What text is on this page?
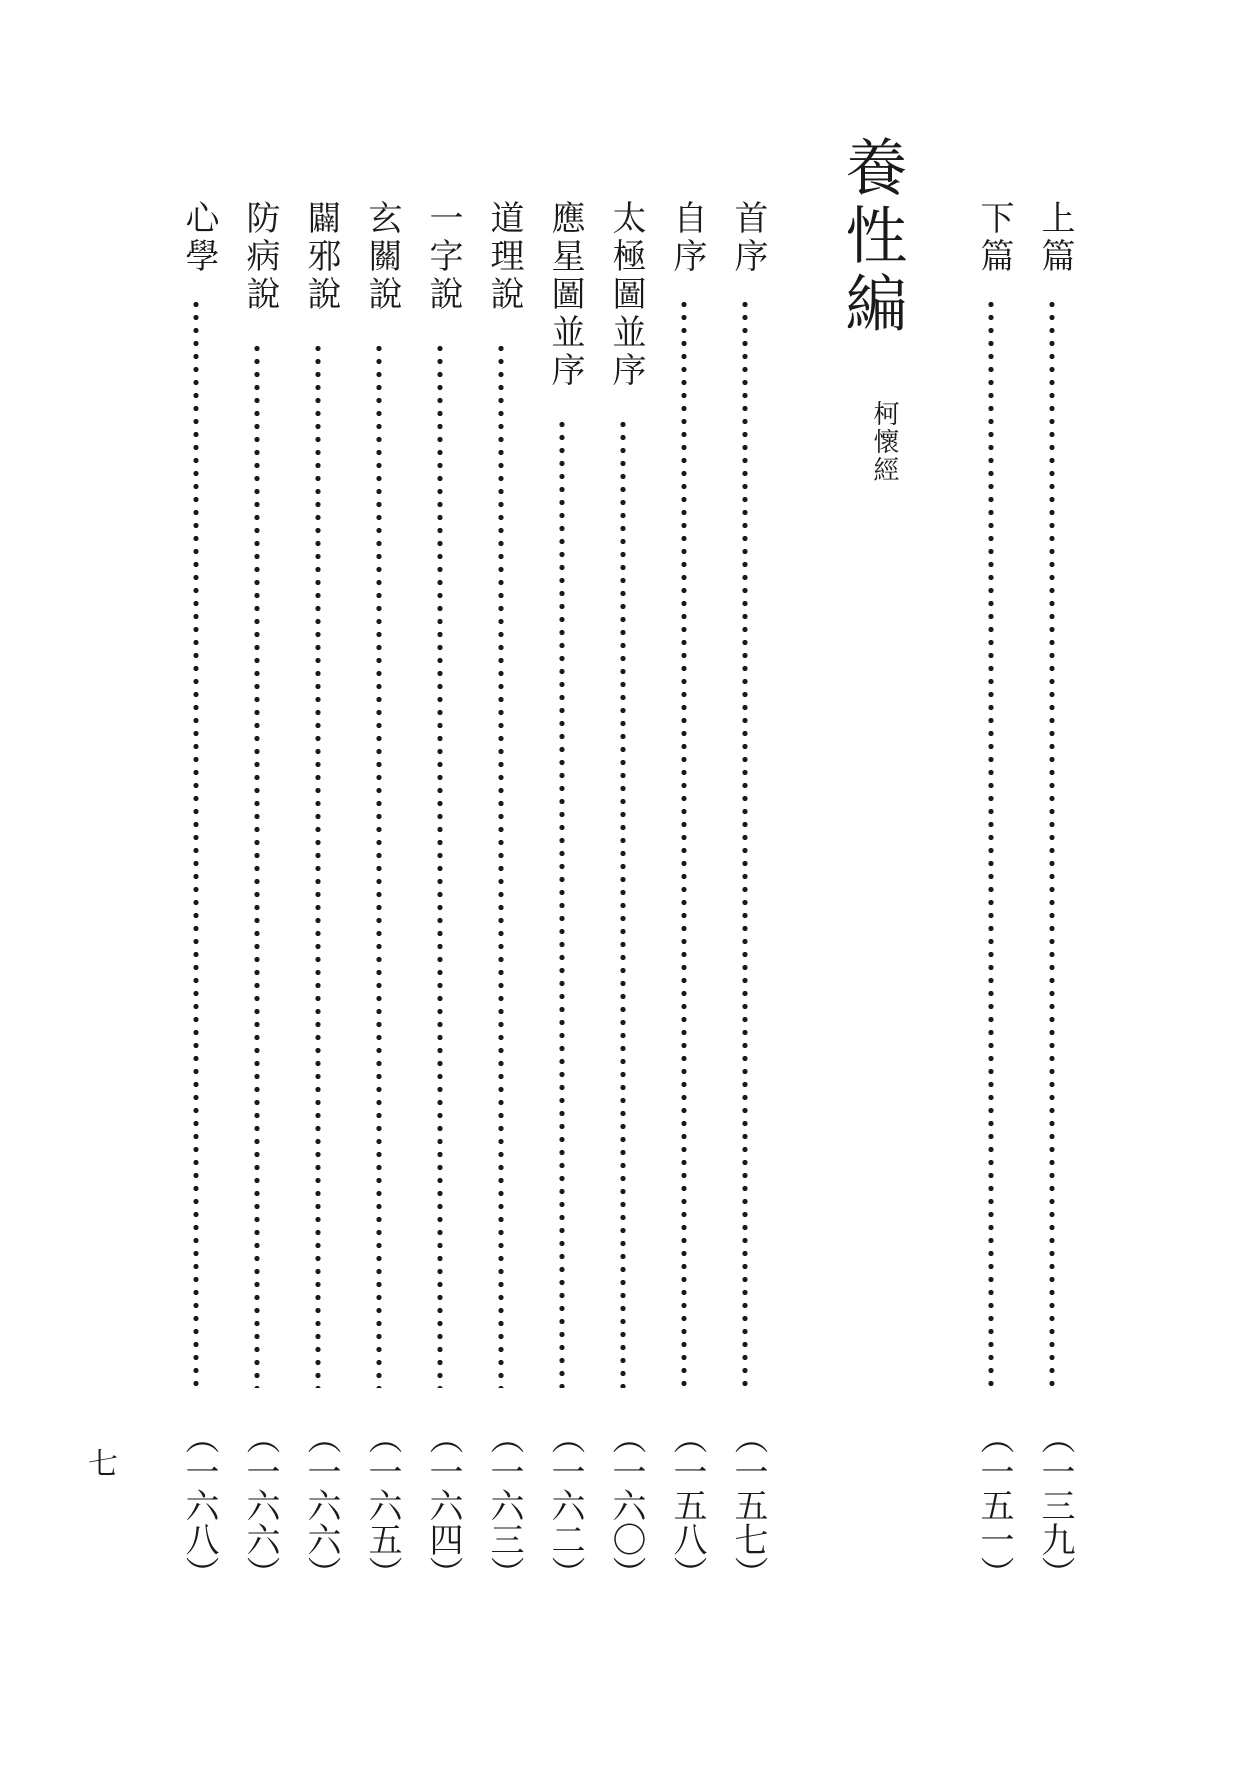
養性編
柯懷經
上篇
（一三九）
下篇
（一五一）
首序
（一五七）
自序
（一五八）
太極圖並序
（一六〇）
應星圖並序
（一六二）
道理說
（一六三）
一字說
（一六四）
玄關說
（一六五）
闢邪說
（一六六）
防病說
（一六六）
心學
（一六八）
七
